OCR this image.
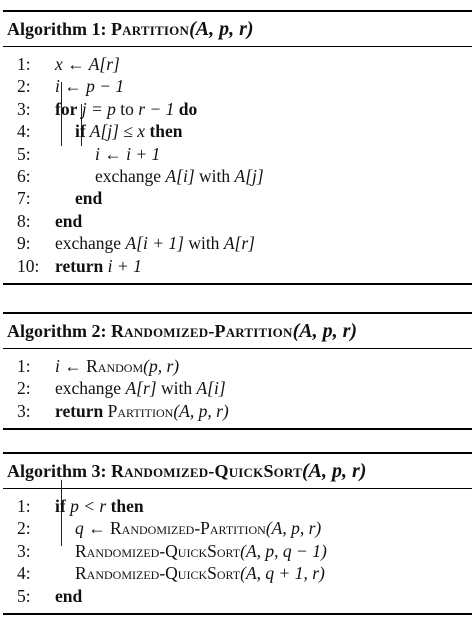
Algorithm 1: Partition(A, p, r)
1:	x ← A[r]
2:	i ← p − 1
3:	for j = p to r − 1 do
4:	if A[j] ≤ x then
5:	i ← i + 1
6:	exchange A[i] with A[j]
7:	end
8:	end
9:	exchange A[i + 1] with A[r]
10: return i + 1
Algorithm 2: Randomized-Partition(A, p, r)
1:	i ← Random(p, r)
2:	exchange A[r] with A[i]
3:	return Partition(A, p, r)
Algorithm 3: Randomized-QuickSort(A, p, r)
1:	if p < r then
2:	q ← Randomized-Partition(A, p, r)
3:	Randomized-QuickSort(A, p, q − 1)
4:	Randomized-QuickSort(A, q + 1, r)
5:	end
